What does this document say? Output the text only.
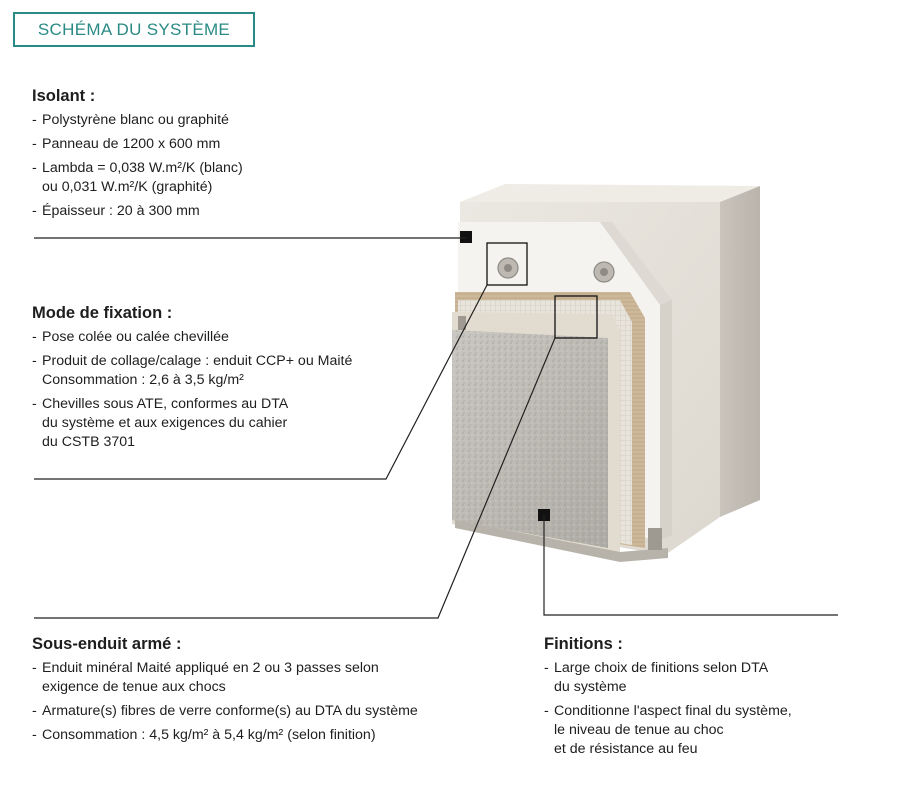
SCHÉMA DU SYSTÈME
Isolant :
- Polystyrène blanc ou graphité
- Panneau de 1200 x 600 mm
- Lambda = 0,038 W.m²/K (blanc)
ou 0,031 W.m²/K (graphité)
- Épaisseur : 20 à 300 mm
Mode de fixation :
- Pose colée ou calée chevillée
- Produit de collage/calage : enduit CCP+ ou Maité
Consommation : 2,6 à 3,5 kg/m²
- Chevilles sous ATE, conformes au DTA
du système et aux exigences du cahier
du CSTB 3701
Sous-enduit armé :
- Enduit minéral Maité appliqué en 2 ou 3 passes selon
exigence de tenue aux chocs
- Armature(s) fibres de verre conforme(s) au DTA du système
- Consommation : 4,5 kg/m² à 5,4 kg/m² (selon finition)
Finitions :
- Large choix de finitions selon DTA
du système
- Conditionne l'aspect final du système,
le niveau de tenue au choc
et de résistance au feu
